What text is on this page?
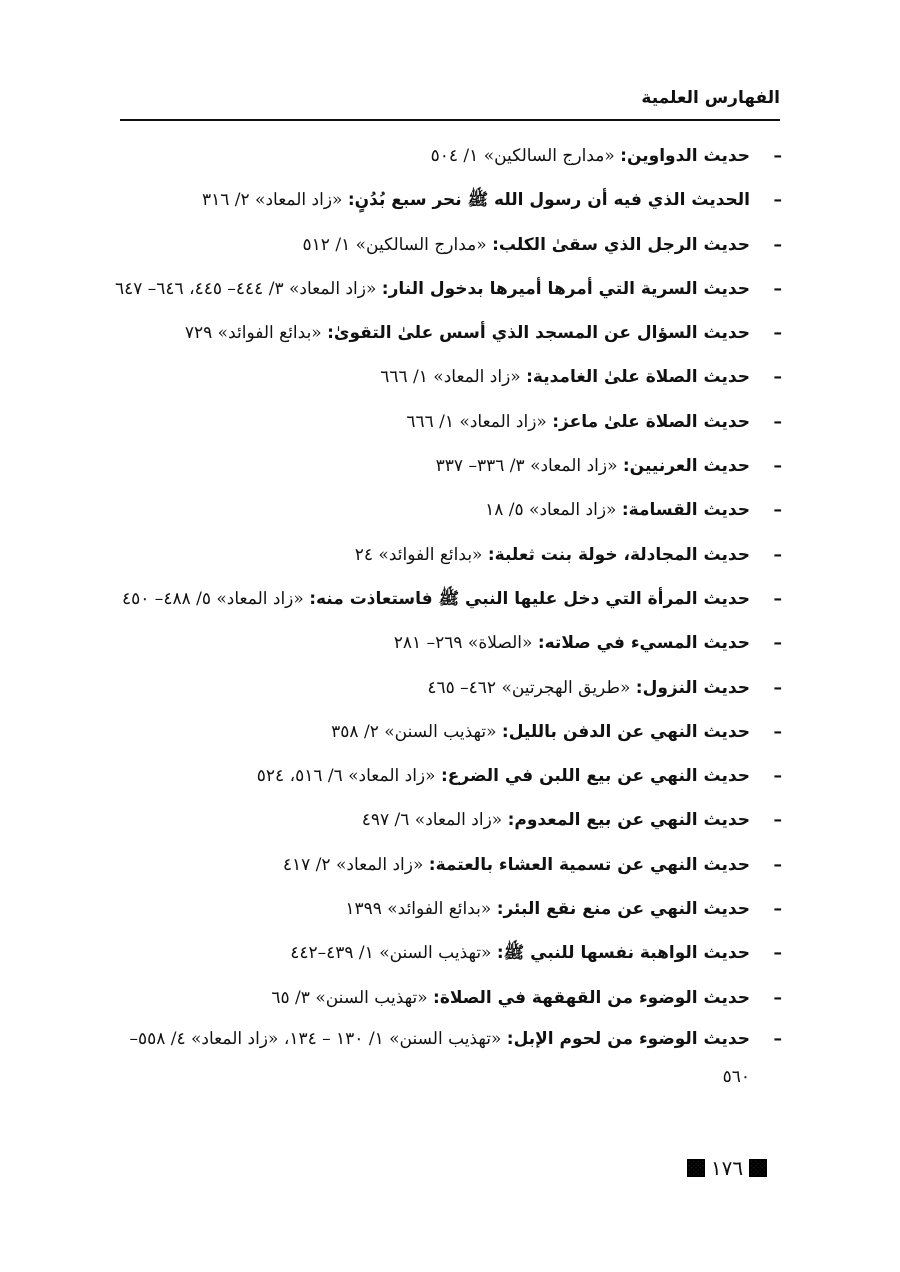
الفهارس العلمية
–
حديث الدواوين: «مدارج السالكين» ١/ ٥٠٤
–
الحديث الذي فيه أن رسول الله ﷺ نحر سبع بُدُنٍ: «زاد المعاد» ٢/ ٣١٦
–
حديث الرجل الذي سقىٰ الكلب: «مدارج السالكين» ١/ ٥١٢
–
حديث السرية التي أمرها أميرها بدخول النار: «زاد المعاد» ٣/ ٤٤٤– ٤٤٥، ٦٤٦– ٦٤٧
–
حديث السؤال عن المسجد الذي أسس علىٰ التقوىٰ: «بدائع الفوائد» ٧٢٩
–
حديث الصلاة علىٰ الغامدية: «زاد المعاد» ١/ ٦٦٦
–
حديث الصلاة علىٰ ماعز: «زاد المعاد» ١/ ٦٦٦
–
حديث العرنيين: «زاد المعاد» ٣/ ٣٣٦– ٣٣٧
–
حديث القسامة: «زاد المعاد» ٥/ ١٨
–
حديث المجادلة، خولة بنت ثعلبة: «بدائع الفوائد» ٢٤
–
حديث المرأة التي دخل عليها النبي ﷺ فاستعاذت منه: «زاد المعاد» ٥/ ٤٨٨– ٤٥٠
–
حديث المسيء في صلاته: «الصلاة» ٢٦٩– ٢٨١
–
حديث النزول: «طريق الهجرتين» ٤٦٢– ٤٦٥
–
حديث النهي عن الدفن بالليل: «تهذيب السنن» ٢/ ٣٥٨
–
حديث النهي عن بيع اللبن في الضرع: «زاد المعاد» ٦/ ٥١٦، ٥٢٤
–
حديث النهي عن بيع المعدوم: «زاد المعاد» ٦/ ٤٩٧
–
حديث النهي عن تسمية العشاء بالعتمة: «زاد المعاد» ٢/ ٤١٧
–
حديث النهي عن منع نقع البئر: «بدائع الفوائد» ١٣٩٩
–
حديث الواهبة نفسها للنبي ﷺ: «تهذيب السنن» ١/ ٤٣٩–٤٤٢
–
حديث الوضوء من القهقهة في الصلاة: «تهذيب السنن» ٣/ ٦٥
–
حديث الوضوء من لحوم الإبل: «تهذيب السنن» ١/ ١٣٠ – ١٣٤، «زاد المعاد» ٤/ ٥٥٨– ٥٦٠
١٧٦
